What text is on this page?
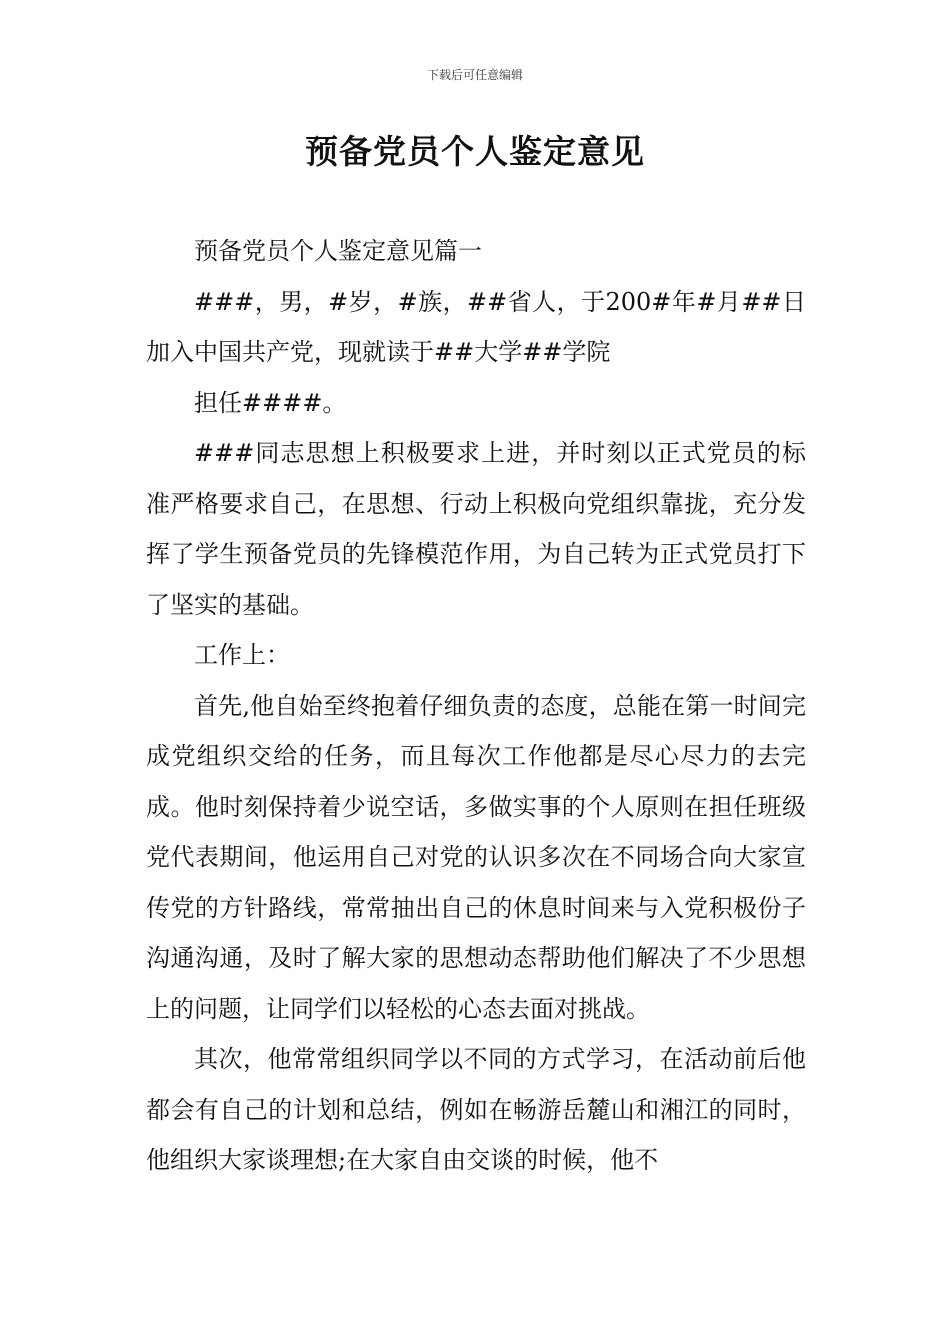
下载后可任意编辑
预备党员个人鉴定意见

预备党员个人鉴定意见篇一

###，男，#岁，#族，##省人，于200#年#月##日加入中国共产党，现就读于##大学##学院

担任####。

###同志思想上积极要求上进，并时刻以正式党员的标准严格要求自己，在思想、行动上积极向党组织靠拢，充分发挥了学生预备党员的先锋模范作用，为自己转为正式党员打下了坚实的基础。

工作上：

首先,他自始至终抱着仔细负责的态度，总能在第一时间完成党组织交给的任务，而且每次工作他都是尽心尽力的去完成。他时刻保持着少说空话，多做实事的个人原则在担任班级党代表期间，他运用自己对党的认识多次在不同场合向大家宣传党的方针路线，常常抽出自己的休息时间来与入党积极份子沟通沟通，及时了解大家的思想动态帮助他们解决了不少思想上的问题，让同学们以轻松的心态去面对挑战。

其次，他常常组织同学以不同的方式学习，在活动前后他都会有自己的计划和总结，例如在畅游岳麓山和湘江的同时，他组织大家谈理想;在大家自由交谈的时候，他不
